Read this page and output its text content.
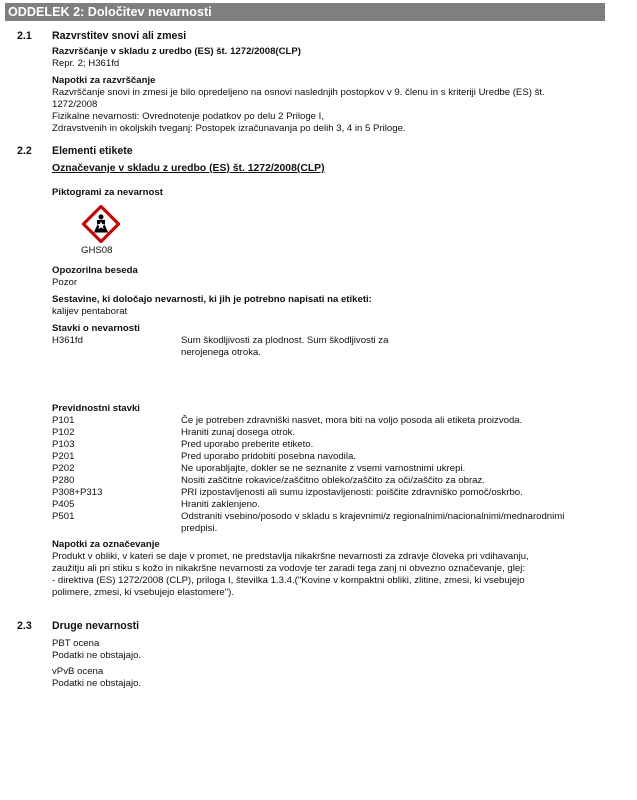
ODDELEK 2: Določitev nevarnosti
2.1 Razvrstitev snovi ali zmesi
Razvrščanje v skladu z uredbo (ES) št. 1272/2008(CLP)
Repr. 2; H361fd
Napotki za razvrščanje
Razvrščanje snovi in zmesi je bilo opredeljeno na osnovi naslednjih postopkov v 9. členu in s kriteriji Uredbe (ES) št.
1272/2008
Fizikalne nevarnosti: Ovrednotenje podatkov po delu 2 Priloge I,
Zdravstvenih in okoljskih tveganj: Postopek izračunavanja po delih 3, 4 in 5 Priloge.
2.2 Elementi etikete
Označevanje v skladu z uredbo (ES) št. 1272/2008(CLP)
Piktogrami za nevarnost
GHS08
Opozorilna beseda
Pozor
Sestavine, ki določajo nevarnosti, ki jih je potrebno napisati na etiketi:
kalijev pentaborat
Stavki o nevarnosti
H361fd	Sum škodljivosti za plodnost. Sum škodljivosti za
nerojenega otroka.
Previdnostni stavki
P101	Če je potreben zdravniški nasvet, mora biti na voljo posoda ali etiketa proizvoda.
P102	Hraniti zunaj dosega otrok.
P103	Pred uporabo preberite etiketo.
P201	Pred uporabo pridobiti posebna navodila.
P202	Ne uporabljajte, dokler se ne seznanite z vsemi varnostnimi ukrepi.
P280	Nositi zaščitne rokavice/zaščitno obleko/zaščito za oči/zaščito za obraz.
P308+P313	PRI izpostavljenosti ali sumu izpostavljenosti: poiščite zdravniško pomoč/oskrbo.
P405	Hraniti zaklenjeno.
P501	Odstraniti vsebino/posodo v skladu s krajevnimi/z regionalnimi/nacionalnimi/mednarodnimi
predpisi.
Napotki za označevanje
Produkt v obliki, v kateri se daje v promet, ne predstavlja nikakršne nevarnosti za zdravje človeka pri vdihavanju,
zaužitju ali pri stiku s kožo in nikakršne nevarnosti za vodovje ter zaradi tega zanj ni obvezno označevanje, glej:
- direktiva (ES) 1272/2008 (CLP), priloga I, številka 1.3.4.("Kovine v kompaktni obliki, zlitine, zmesi, ki vsebujejo
polimere, zmesi, ki vsebujejo elastomere").
2.3 Druge nevarnosti
PBT ocena
Podatki ne obstajajo.
vPvB ocena
Podatki ne obstajajo.
